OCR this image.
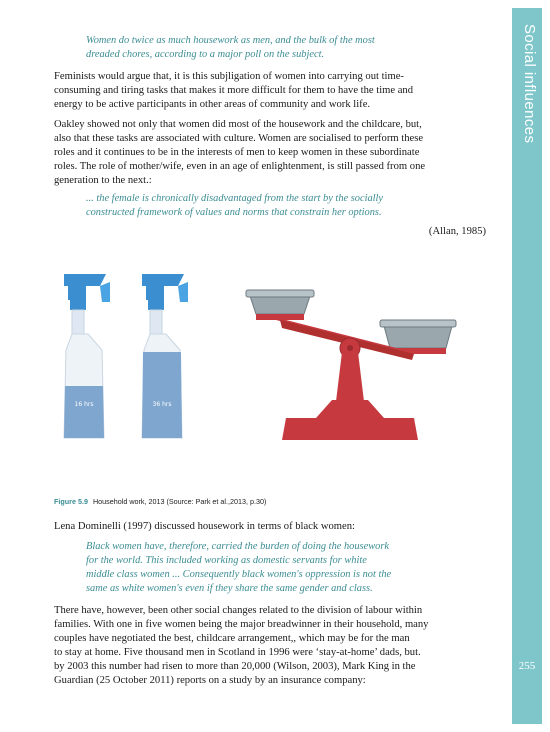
Social influences
255
Women do twice as much housework as men, and the bulk of the most
dreaded chores, according to a major poll on the subject.
Feminists would argue that, it is this subjligation of women into carrying out time-
consuming and tiring tasks that makes it more difficult for them to have the time and
energy to be active participants in other areas of community and work life.
Oakley showed not only that women did most of the housework and the childcare, but,
also that these tasks are associated with culture. Women are socialised to perform these
roles and it continues to be in the interests of men to keep women in these subordinate
roles. The role of mother/wife, even in an age of enlightenment, is still passed from one
generation to the next.:
... the female is chronically disadvantaged from the start by the socially
constructed framework of values and norms that constrain her options.
(Allan, 1985)
16 hrs	36 hrs
Figure 5.9 Household work, 2013 (Source: Park et al.,2013, p.30)
Lena Dominelli (1997) discussed housework in terms of black women:
Black women have, therefore, carried the burden of doing the housework
for the world. This included working as domestic servants for white
middle class women ... Consequently black women's oppression is not the
same as white women's even if they share the same gender and class.
There have, however, been other social changes related to the division of labour within
families. With one in five women being the major breadwinner in their household, many
couples have negotiated the best, childcare arrangement,, which may be for the man
to stay at home. Five thousand men in Scotland in 1996 were ‘stay-at-home’ dads, but.
by 2003 this number had risen to more than 20,000 (Wilson, 2003), Mark King in the
Guardian (25 October 2011) reports on a study by an insurance company:
